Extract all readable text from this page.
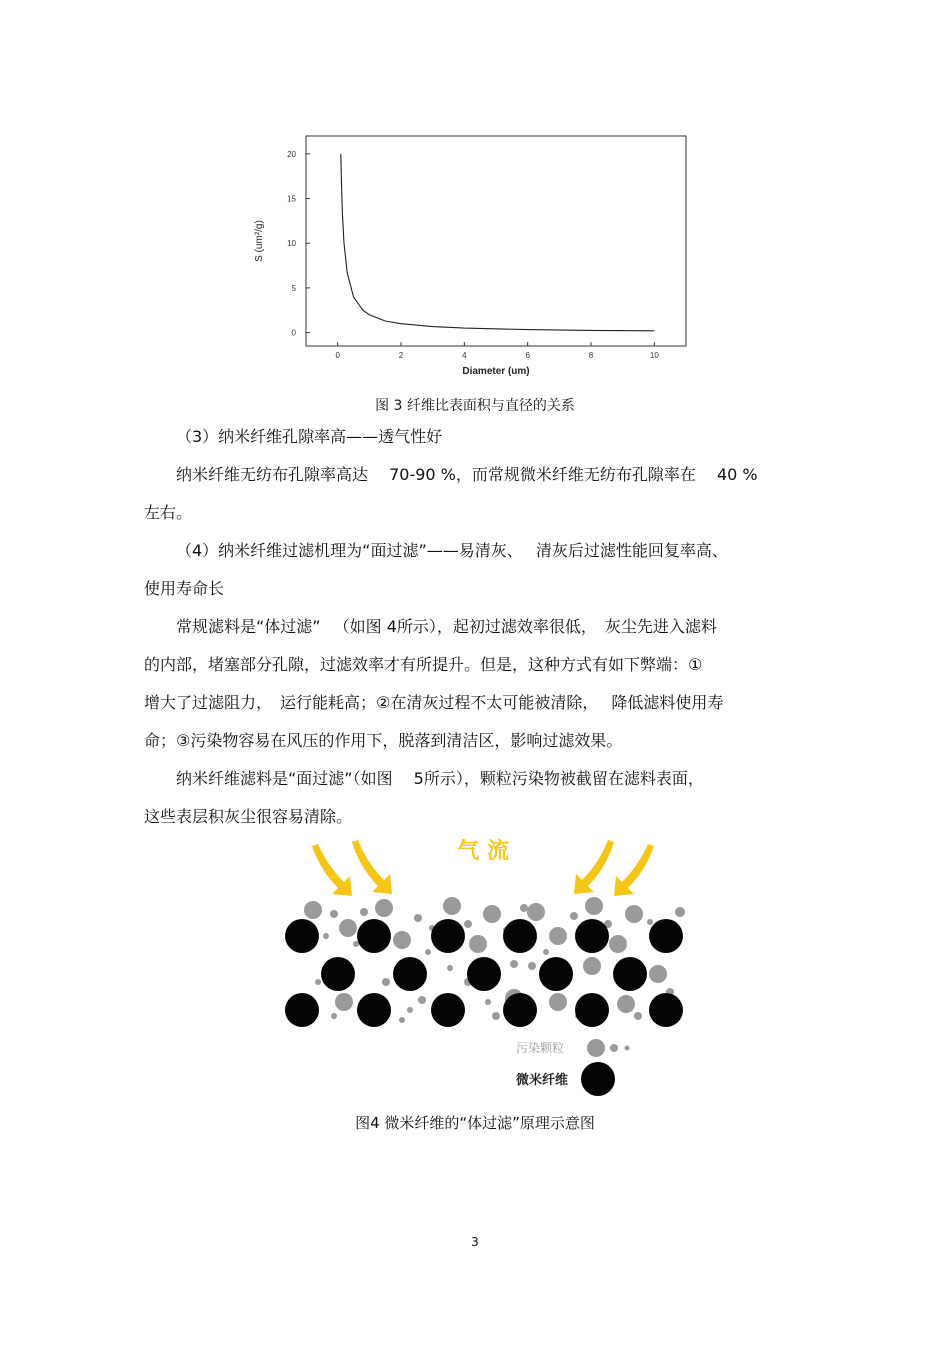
0	2	4	6	8	10
0
5
10
15
20
Diameter (um)
S (um²/g)
图 3 纤维比表面积与直径的关系
（3）纳米纤维孔隙率高——透气性好
纳米纤维无纺布孔隙率高达　 70-90 %，而常规微米纤维无纺布孔隙率在　 40 %
左右。
（4）纳米纤维过滤机理为“面过滤”——易清灰、　 清灰后过滤性能回复率高、
使用寿命长
常规滤料是“体过滤” 　（如图 4所示），起初过滤效率很低，　灰尘先进入滤料
的内部，堵塞部分孔隙，过滤效率才有所提升。但是，这种方式有如下弊端：①
增大了过滤阻力，　运行能耗高；②在清灰过程不太可能被清除，　 降低滤料使用寿
命；③污染物容易在风压的作用下，脱落到清洁区，影响过滤效果。
纳米纤维滤料是“面过滤”（如图　 5所示），颗粒污染物被截留在滤料表面，
这些表层积灰尘很容易清除。
气 流
污染颗粒
微米纤维
图4 微米纤维的“体过滤”原理示意图
3
